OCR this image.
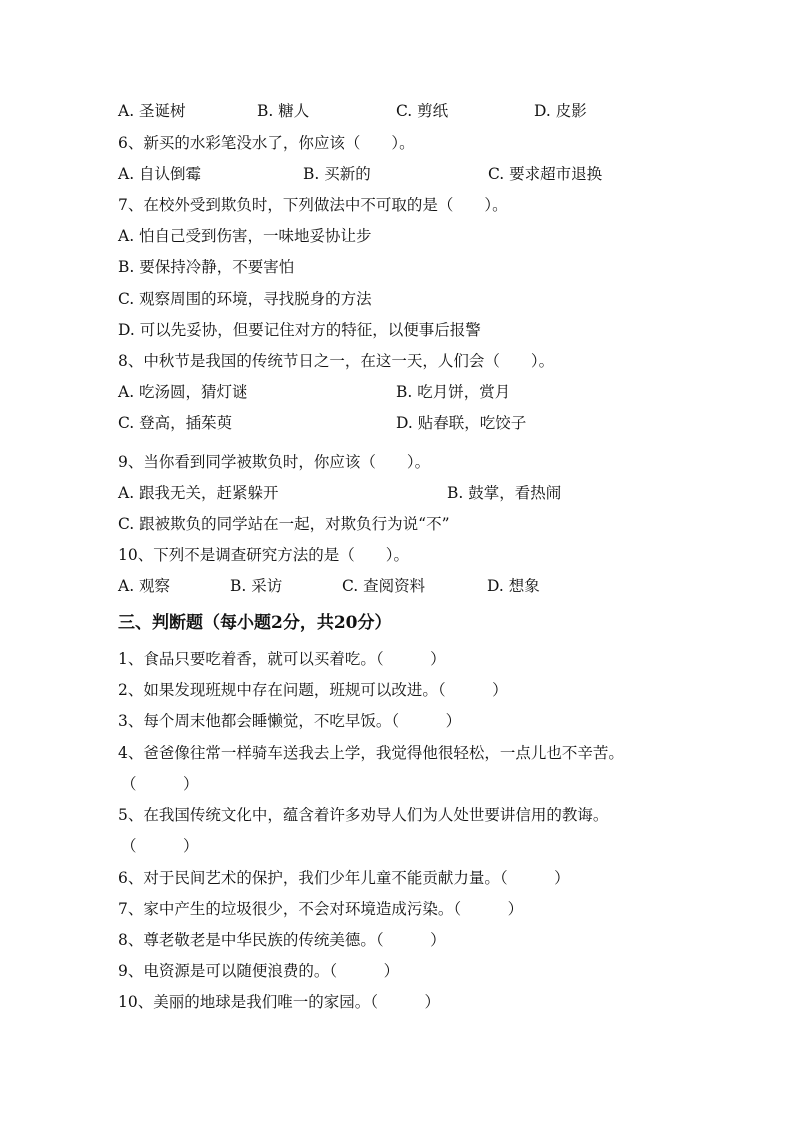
A. 圣诞树	B. 糖人	C. 剪纸	D. 皮影
6、新买的水彩笔没水了，你应该（　　）。
A. 自认倒霉	B. 买新的	C. 要求超市退换
7、在校外受到欺负时，下列做法中不可取的是（　　）。
A. 怕自己受到伤害，一味地妥协让步
B. 要保持冷静，不要害怕
C. 观察周围的环境，寻找脱身的方法
D. 可以先妥协，但要记住对方的特征，以便事后报警
8、中秋节是我国的传统节日之一，在这一天，人们会（　　）。
A. 吃汤圆，猜灯谜	B. 吃月饼，赏月
C. 登高，插茱萸	D. 贴春联，吃饺子
9、当你看到同学被欺负时，你应该（　　）。
A. 跟我无关，赶紧躲开	B. 鼓掌，看热闹
C. 跟被欺负的同学站在一起，对欺负行为说“不”
10、下列不是调查研究方法的是（　　）。
A. 观察	B. 采访	C. 查阅资料	D. 想象
三、判断题（每小题2分，共20分）
1、食品只要吃着香，就可以买着吃。（　　　）
2、如果发现班规中存在问题，班规可以改进。（　　　）
3、每个周末他都会睡懒觉，不吃早饭。（　　　）
4、爸爸像往常一样骑车送我去上学，我觉得他很轻松，一点儿也不辛苦。
（　　　）
5、在我国传统文化中，蕴含着许多劝导人们为人处世要讲信用的教诲。
（　　　）
6、对于民间艺术的保护，我们少年儿童不能贡献力量。（　　　）
7、家中产生的垃圾很少，不会对环境造成污染。（　　　）
8、尊老敬老是中华民族的传统美德。（　　　）
9、电资源是可以随便浪费的。（　　　）
10、美丽的地球是我们唯一的家园。（　　　）
